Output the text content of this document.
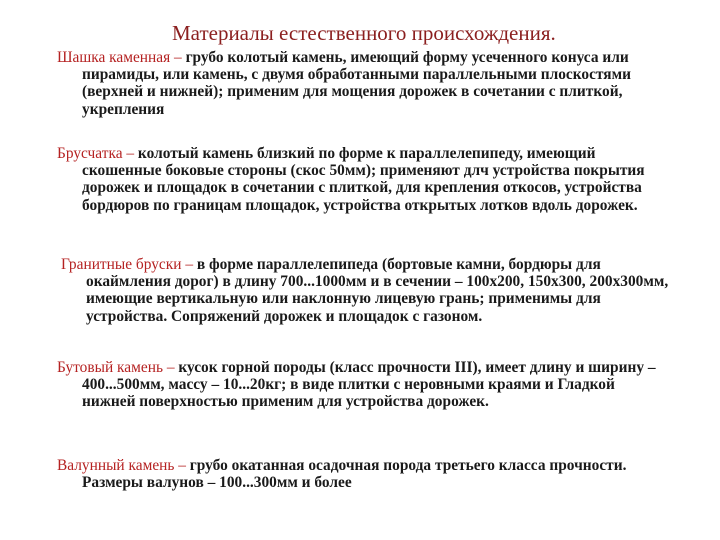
Материалы естественного происхождения.
Шашка каменная – грубо колотый камень, имеющий форму усеченного конуса или пирамиды, или камень, с двумя обработанными параллельными плоскостями (верхней и нижней); применим для мощения дорожек в сочетании с плиткой, укрепления
Брусчатка – колотый камень близкий по форме к параллелепипеду, имеющий скошенные боковые стороны (скос 50мм); применяют длч устройства покрытия дорожек и площадок в сочетании с плиткой, для крепления откосов, устройства бордюров по границам площадок, устройства открытых лотков вдоль дорожек.
Гранитные бруски – в форме параллелепипеда (бортовые камни, бордюры для окаймления дорог) в длину 700...1000мм и в сечении – 100х200, 150х300, 200х300мм, имеющие вертикальную или наклонную лицевую грань; применимы для устройства. Сопряжений дорожек и площадок с газоном.
Бутовый камень – кусок горной породы (класс прочности III), имеет длину и ширину – 400...500мм, массу – 10...20кг; в виде плитки с неровными краями и Гладкой нижней поверхностью применим для устройства дорожек.
Валунный камень – грубо окатанная осадочная порода третьего класса прочности. Размеры валунов – 100...300мм и более
